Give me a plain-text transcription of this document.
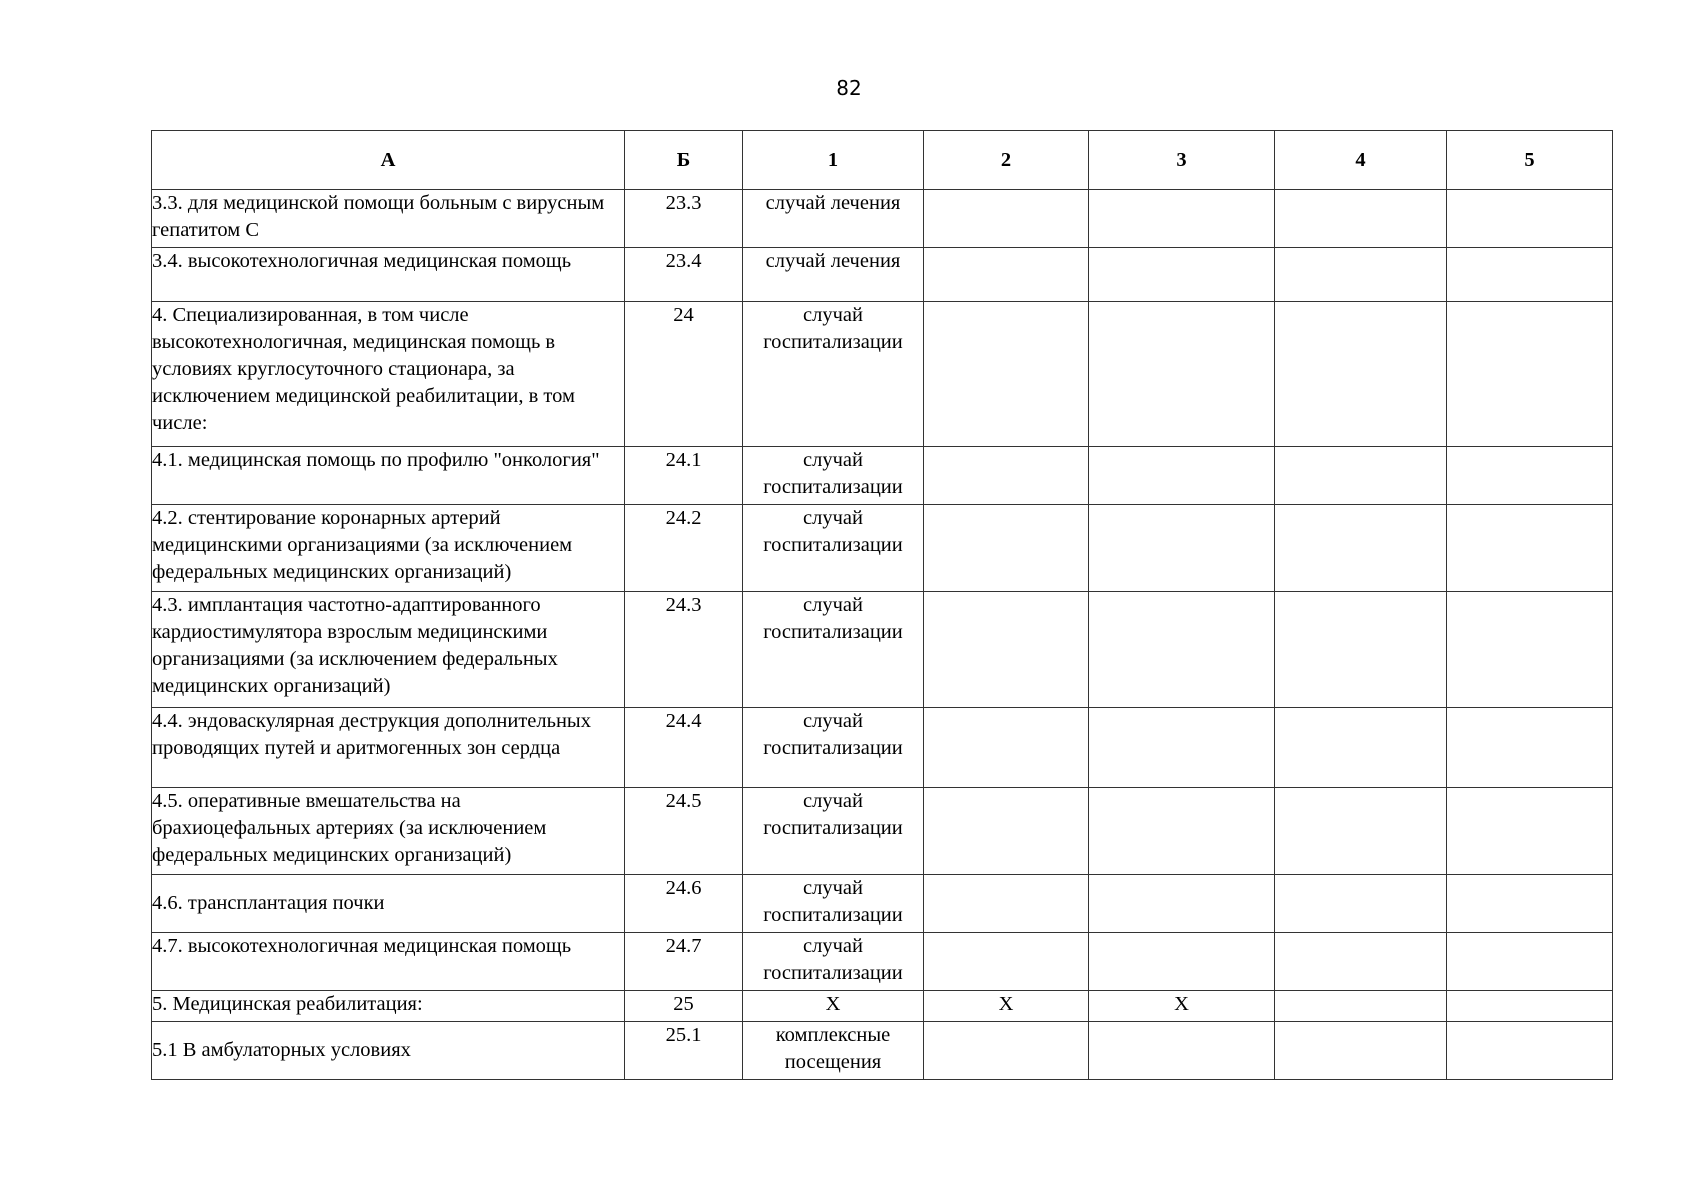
82
А	Б	1	2	3	4	5
3.3. для медицинской помощи больным с вирусным гепатитом С	23.3	случай лечения				
3.4. высокотехнологичная медицинская помощь	23.4	случай лечения				
4. Специализированная, в том числе высокотехнологичная, медицинская помощь в условиях круглосуточного стационара, за исключением медицинской реабилитации, в том числе:	24	случай госпитализации				
4.1. медицинская помощь по профилю "онкология"	24.1	случай госпитализации				
4.2. стентирование коронарных артерий медицинскими организациями (за исключением федеральных медицинских организаций)	24.2	случай госпитализации				
4.3. имплантация частотно-адаптированного кардиостимулятора взрослым медицинскими организациями (за исключением федеральных медицинских организаций)	24.3	случай госпитализации				
4.4. эндоваскулярная деструкция дополнительных проводящих путей и аритмогенных зон сердца	24.4	случай госпитализации				
4.5. оперативные вмешательства на брахиоцефальных артериях (за исключением федеральных медицинских организаций)	24.5	случай госпитализации				
4.6. трансплантация почки	24.6	случай госпитализации				
4.7. высокотехнологичная медицинская помощь	24.7	случай госпитализации				
5. Медицинская реабилитация:	25	Х	Х	Х		
5.1 В амбулаторных условиях	25.1	комплексные посещения				
